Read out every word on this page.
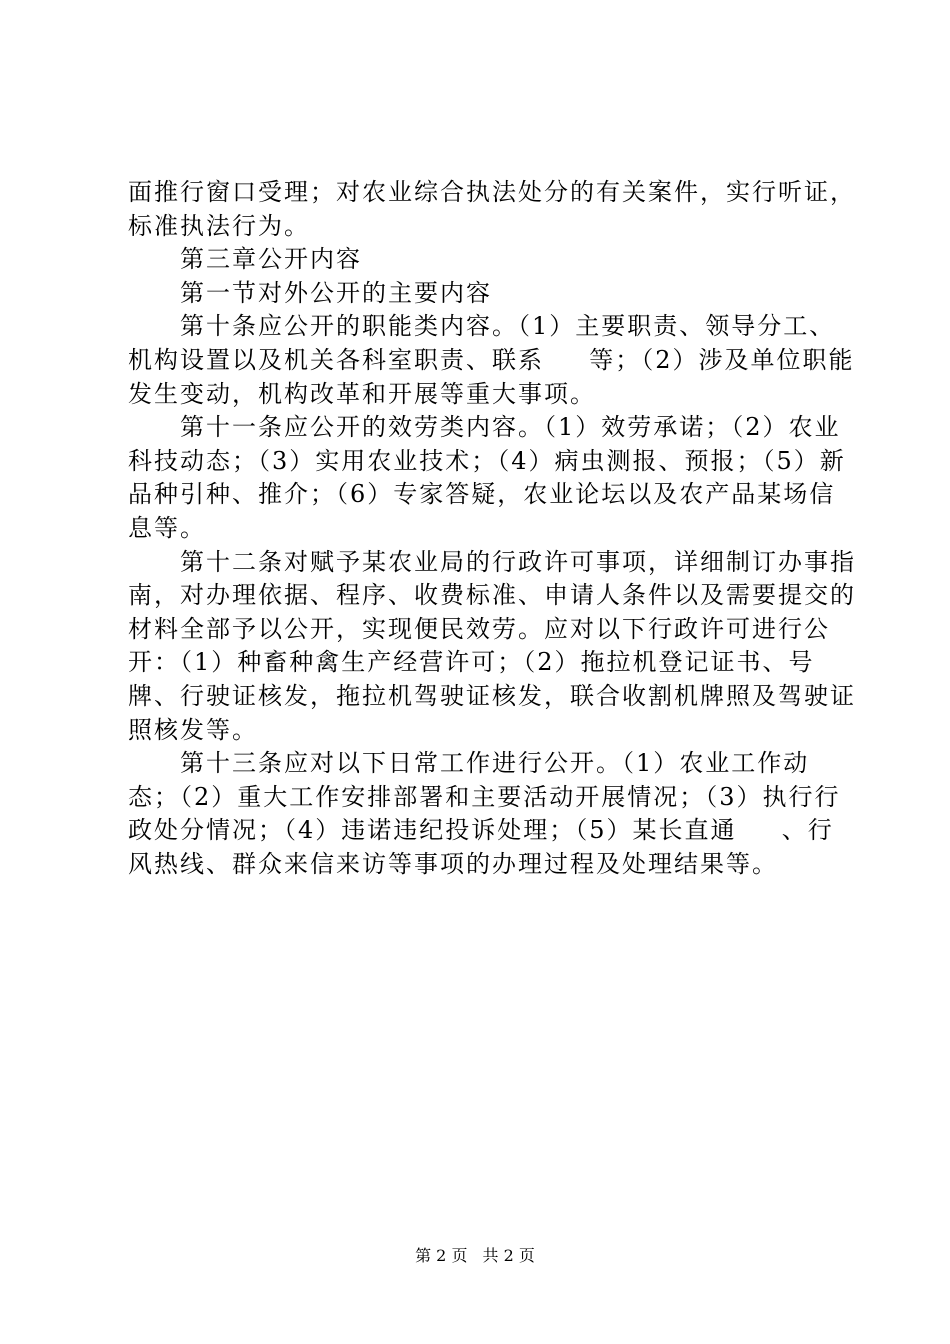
面推行窗口受理；对农业综合执法处分的有关案件，实行听证，标准执法行为。

第三章公开内容

第一节对外公开的主要内容

第十条应公开的职能类内容。（1）主要职责、领导分工、机构设置以及机关各科室职责、联系 　 等；（2）涉及单位职能发生变动，机构改革和开展等重大事项。

第十一条应公开的效劳类内容。（1）效劳承诺；（2）农业科技动态；（3）实用农业技术；（4）病虫测报、预报；（5）新品种引种、推介；（6）专家答疑，农业论坛以及农产品某场信息等。

第十二条对赋予某农业局的行政许可事项，详细制订办事指南，对办理依据、程序、收费标准、申请人条件以及需要提交的材料全部予以公开，实现便民效劳。应对以下行政许可进行公开：（1）种畜种禽生产经营许可；（2）拖拉机登记证书、号牌、行驶证核发，拖拉机驾驶证核发，联合收割机牌照及驾驶证照核发等。

第十三条应对以下日常工作进行公开。（1）农业工作动态；（2）重大工作安排部署和主要活动开展情况；（3）执行行政处分情况；（4）违诺违纪投诉处理；（5）某长直通 　 、行风热线、群众来信来访等事项的办理过程及处理结果等。

第 2 页 共 2 页
